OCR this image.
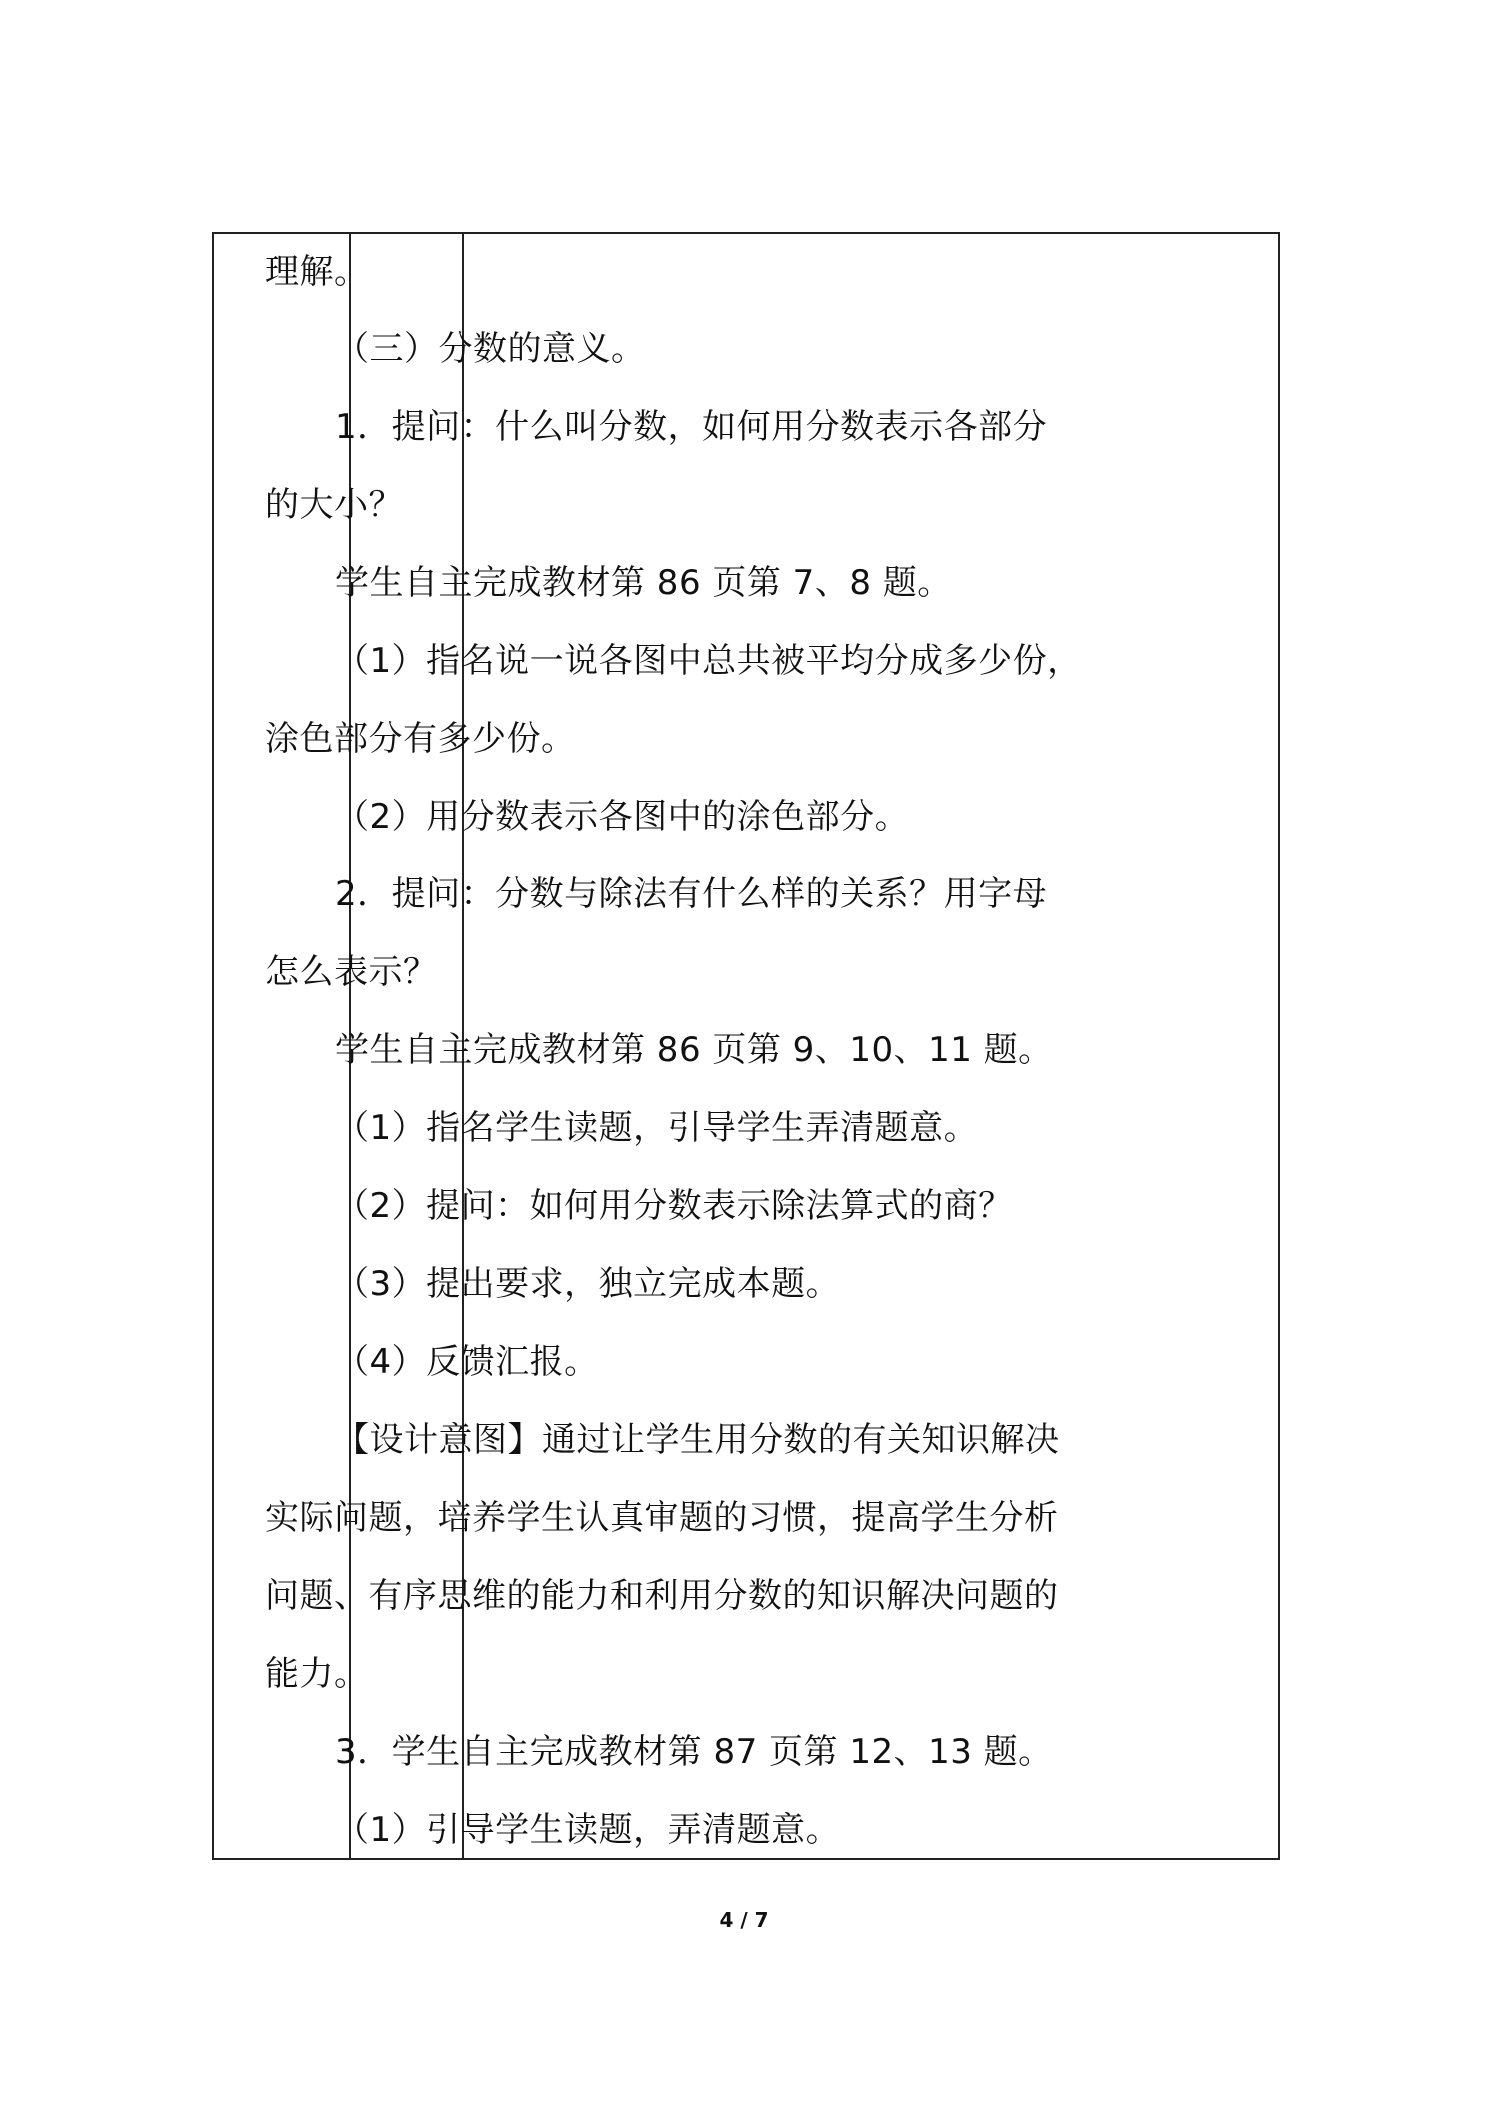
理解。
（三）分数的意义。
1．提问：什么叫分数，如何用分数表示各部分
的大小？
学生自主完成教材第 86 页第 7、8 题。
（1）指名说一说各图中总共被平均分成多少份，
涂色部分有多少份。
（2）用分数表示各图中的涂色部分。
2．提问：分数与除法有什么样的关系？用字母
怎么表示？
学生自主完成教材第 86 页第 9、10、11 题。
（1）指名学生读题，引导学生弄清题意。
（2）提问：如何用分数表示除法算式的商？
（3）提出要求，独立完成本题。
（4）反馈汇报。
【设计意图】通过让学生用分数的有关知识解决
实际问题，培养学生认真审题的习惯，提高学生分析
问题、有序思维的能力和利用分数的知识解决问题的
能力。
3．学生自主完成教材第 87 页第 12、13 题。
（1）引导学生读题，弄清题意。
4 / 7
